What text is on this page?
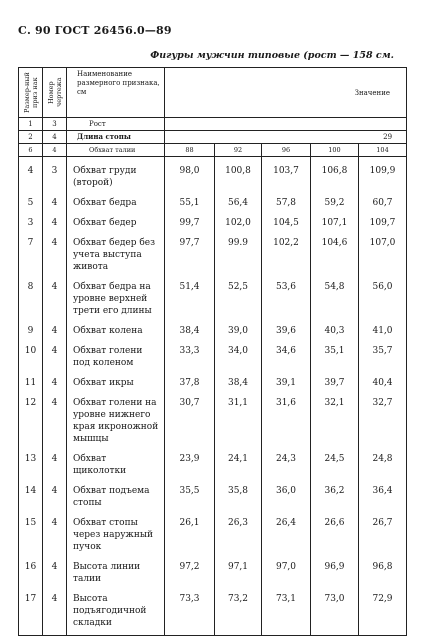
С. 90 ГОСТ 26456.0—89
Фигуры мужчин типовые (рост — 158 см.
Размер-ный приз нак	Номер чертежа	Наименование размерного признака, см	Значение				
1	3	Рост					
2	4	Длина стопы	29				
6	4	Обхват талии	88	92	96	100	104
4	3	Обхват груди (второй)	98,0	100,8	103,7	106,8	109,9
5	4	Обхват бедра	55,1	56,4	57,8	59,2	60,7
3	4	Обхват бедер	99,7	102,0	104,5	107,1	109,7
7	4	Обхват бедер без учета выступа живота	97,7	99.9	102,2	104,6	107,0
8	4	Обхват бедра на уровне верхней трети его длины	51,4	52,5	53,6	54,8	56,0
9	4	Обхват колена	38,4	39,0	39,6	40,3	41,0
10	4	Обхват голени под коленом	33,3	34,0	34,6	35,1	35,7
11	4	Обхват икры	37,8	38,4	39,1	39,7	40,4
12	4	Обхват голени на уровне нижнего края икроножной мышцы	30,7	31,1	31,6	32,1	32,7
13	4	Обхват щиколотки	23,9	24,1	24,3	24,5	24,8
14	4	Обхват подъема стопы	35,5	35,8	36,0	36,2	36,4
15	4	Обхват стопы через наружный пучок	26,1	26,3	26,4	26,6	26,7
16	4	Высота линии талии	97,2	97,1	97,0	96,9	96,8
17	4	Высота подъягодичной складки	73,3	73,2	73,1	73,0	72,9
